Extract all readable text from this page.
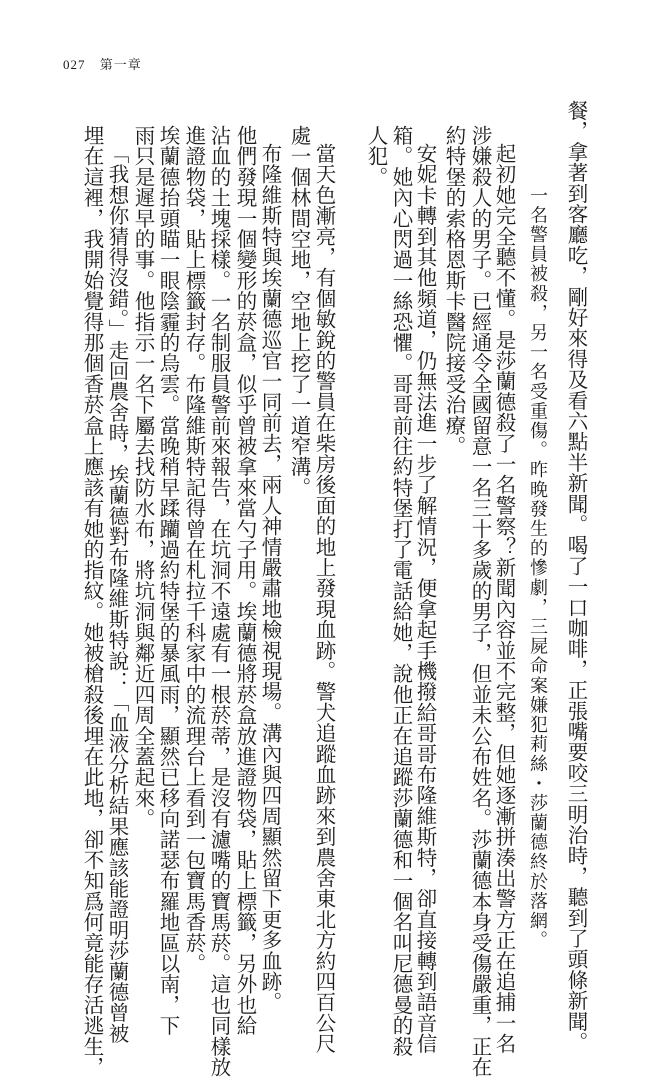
027 第一章
餐，拿著到客廳吃，剛好來得及看六點半新聞。喝了一口咖啡，正張嘴要咬三明治時，聽到了頭條新聞。
一名警員被殺，另一名受重傷。昨晚發生的慘劇，三屍命案嫌犯莉絲・莎蘭德終於落網。
起初她完全聽不懂。是莎蘭德殺了一名警察？新聞內容並不完整，但她逐漸拼湊出警方正在追捕一名
涉嫌殺人的男子。已經通令全國留意一名三十多歲的男子，但並未公布姓名。莎蘭德本身受傷嚴重，正在
約特堡的索格恩斯卡醫院接受治療。
安妮卡轉到其他頻道，仍無法進一步了解情況，便拿起手機撥給哥哥布隆維斯特，卻直接轉到語音信
箱。她內心閃過一絲恐懼。哥哥前往約特堡打了電話給她，說他正在追蹤莎蘭德和一個名叫尼德曼的殺
人犯。
當天色漸亮，有個敏銳的警員在柴房後面的地上發現血跡。警犬追蹤血跡來到農舍東北方約四百公尺
處一個林間空地，空地上挖了一道窄溝。
布隆維斯特與埃蘭德巡官一同前去，兩人神情嚴肅地檢視現場。溝內與四周顯然留下更多血跡。
他們發現一個變形的菸盒，似乎曾被拿來當勺子用。埃蘭德將菸盒放進證物袋，貼上標籤，另外也給
沾血的土塊採樣。一名制服員警前來報告，在坑洞不遠處有一根菸蒂，是沒有濾嘴的寶馬菸。這也同樣放
進證物袋，貼上標籤封存。布隆維斯特記得曾在札拉千科家中的流理台上看到一包寶馬香菸。
埃蘭德抬頭瞄一眼陰霾的烏雲。當晚稍早蹂躪過約特堡的暴風雨，顯然已移向諾瑟布羅地區以南，下
雨只是遲早的事。他指示一名下屬去找防水布，將坑洞與鄰近四周全蓋起來。
「我想你猜得沒錯。」走回農舍時，埃蘭德對布隆維斯特說：「血液分析結果應該能證明莎蘭德曾被
埋在這裡，我開始覺得那個香菸盒上應該有她的指紋。她被槍殺後埋在此地，卻不知爲何竟能存活逃生，
